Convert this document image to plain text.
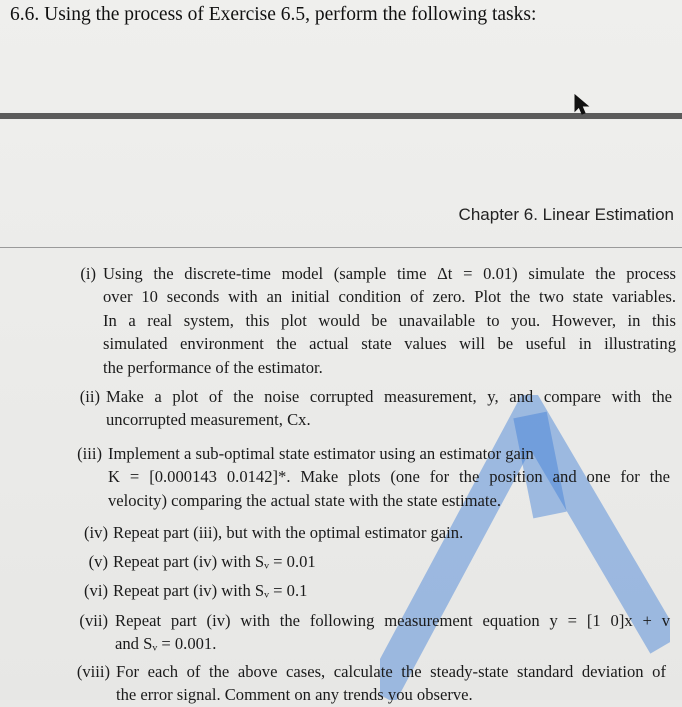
6.6. Using the process of Exercise 6.5, perform the following tasks:
Chapter 6. Linear Estimation
(i) Using the discrete-time model (sample time Δt = 0.01) simulate the process
over 10 seconds with an initial condition of zero. Plot the two state variables.
In a real system, this plot would be unavailable to you. However, in this
simulated environment the actual state values will be useful in illustrating
the performance of the estimator.
(ii) Make a plot of the noise corrupted measurement, y, and compare with the
uncorrupted measurement, Cx.
(iii) Implement a sub-optimal state estimator using an estimator gain
K = [0.000143 0.0142]*. Make plots (one for the position and one for the
velocity) comparing the actual state with the state estimate.
(iv) Repeat part (iii), but with the optimal estimator gain.
(v) Repeat part (iv) with Sᵥ = 0.01
(vi) Repeat part (iv) with Sᵥ = 0.1
(vii) Repeat part (iv) with the following measurement equation y = [1 0]x + v
and Sᵥ = 0.001.
(viii) For each of the above cases, calculate the steady-state standard deviation of
the error signal. Comment on any trends you observe.
